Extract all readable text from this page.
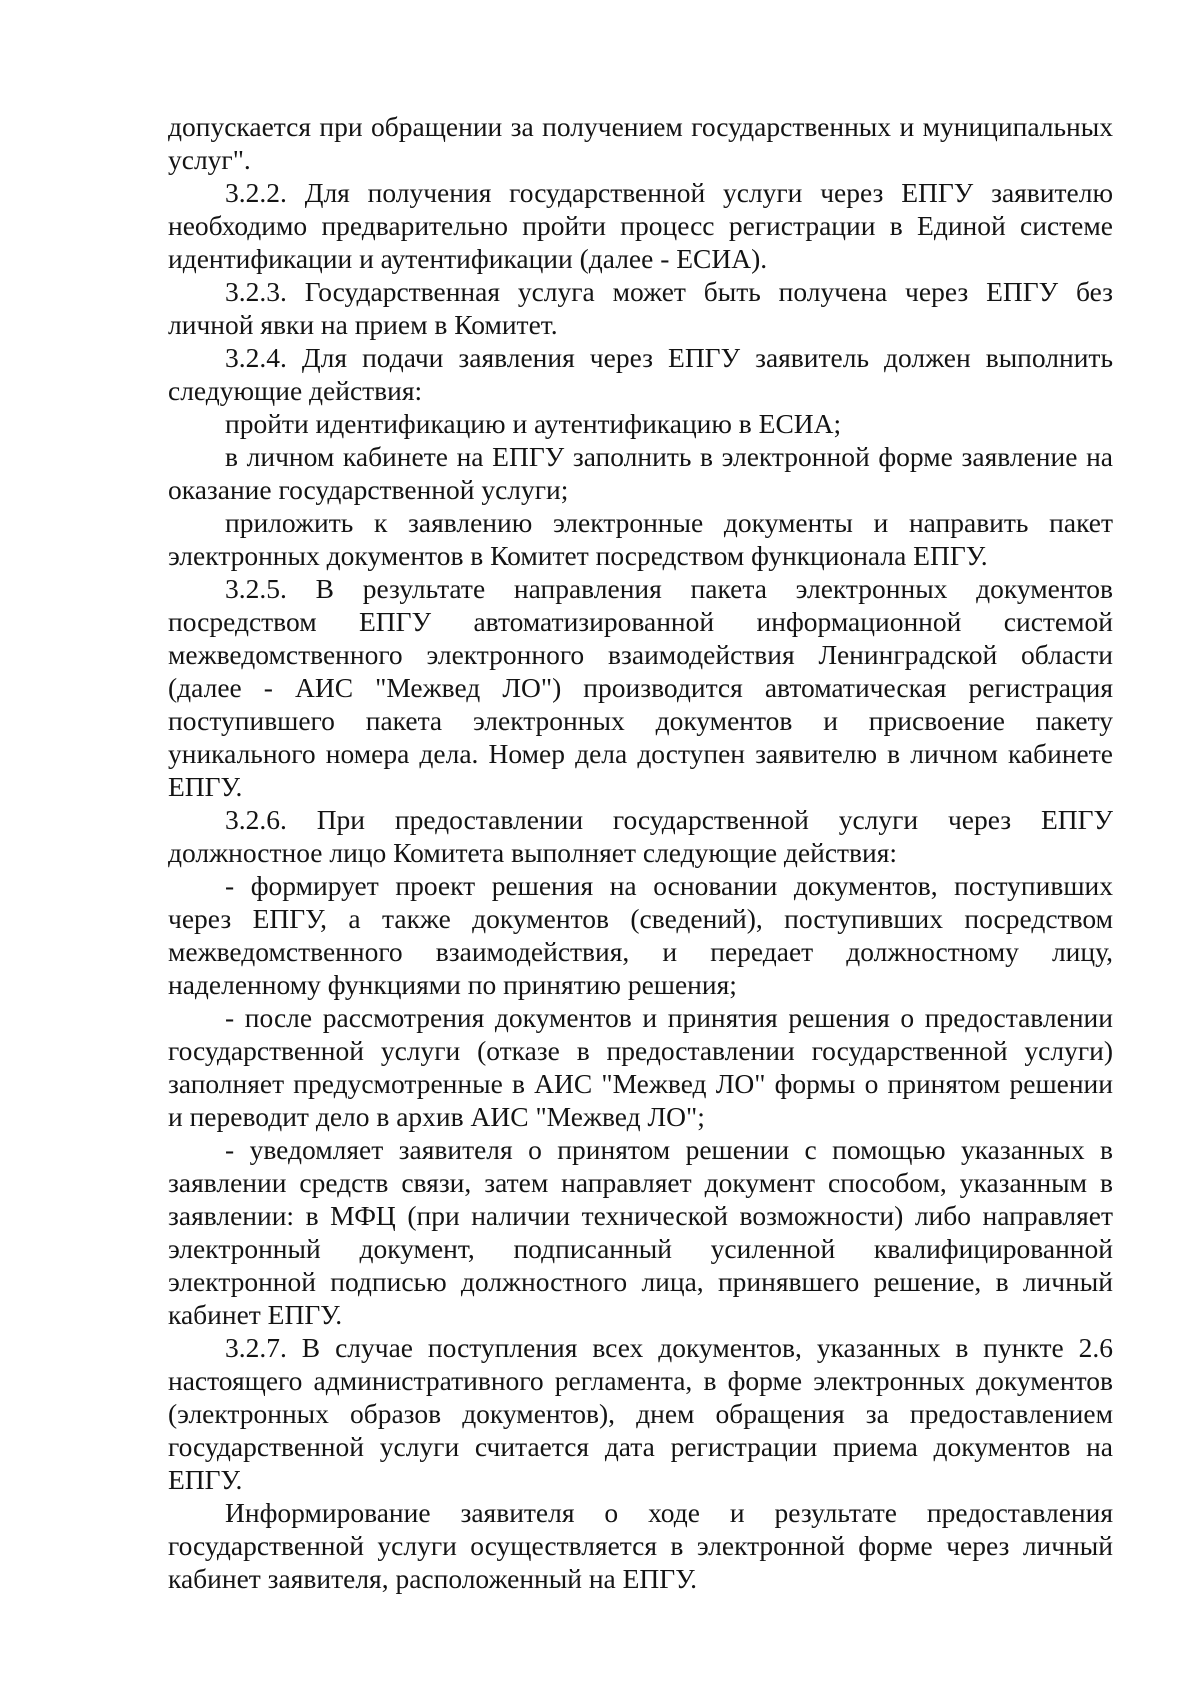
допускается при обращении за получением государственных и муниципальных услуг".

3.2.2. Для получения государственной услуги через ЕПГУ заявителю необходимо предварительно пройти процесс регистрации в Единой системе идентификации и аутентификации (далее - ЕСИА).

3.2.3. Государственная услуга может быть получена через ЕПГУ без личной явки на прием в Комитет.

3.2.4. Для подачи заявления через ЕПГУ заявитель должен выполнить следующие действия:

пройти идентификацию и аутентификацию в ЕСИА;

в личном кабинете на ЕПГУ заполнить в электронной форме заявление на оказание государственной услуги;

приложить к заявлению электронные документы и направить пакет электронных документов в Комитет посредством функционала ЕПГУ.

3.2.5. В результате направления пакета электронных документов посредством ЕПГУ автоматизированной информационной системой межведомственного электронного взаимодействия Ленинградской области (далее - АИС "Межвед ЛО") производится автоматическая регистрация поступившего пакета электронных документов и присвоение пакету уникального номера дела. Номер дела доступен заявителю в личном кабинете ЕПГУ.

3.2.6. При предоставлении государственной услуги через ЕПГУ должностное лицо Комитета выполняет следующие действия:

- формирует проект решения на основании документов, поступивших через ЕПГУ, а также документов (сведений), поступивших посредством межведомственного взаимодействия, и передает должностному лицу, наделенному функциями по принятию решения;

- после рассмотрения документов и принятия решения о предоставлении государственной услуги (отказе в предоставлении государственной услуги) заполняет предусмотренные в АИС "Межвед ЛО" формы о принятом решении и переводит дело в архив АИС "Межвед ЛО";

- уведомляет заявителя о принятом решении с помощью указанных в заявлении средств связи, затем направляет документ способом, указанным в заявлении: в МФЦ (при наличии технической возможности) либо направляет электронный документ, подписанный усиленной квалифицированной электронной подписью должностного лица, принявшего решение, в личный кабинет ЕПГУ.

3.2.7. В случае поступления всех документов, указанных в пункте 2.6 настоящего административного регламента, в форме электронных документов (электронных образов документов), днем обращения за предоставлением государственной услуги считается дата регистрации приема документов на ЕПГУ.

Информирование заявителя о ходе и результате предоставления государственной услуги осуществляется в электронной форме через личный кабинет заявителя, расположенный на ЕПГУ.
